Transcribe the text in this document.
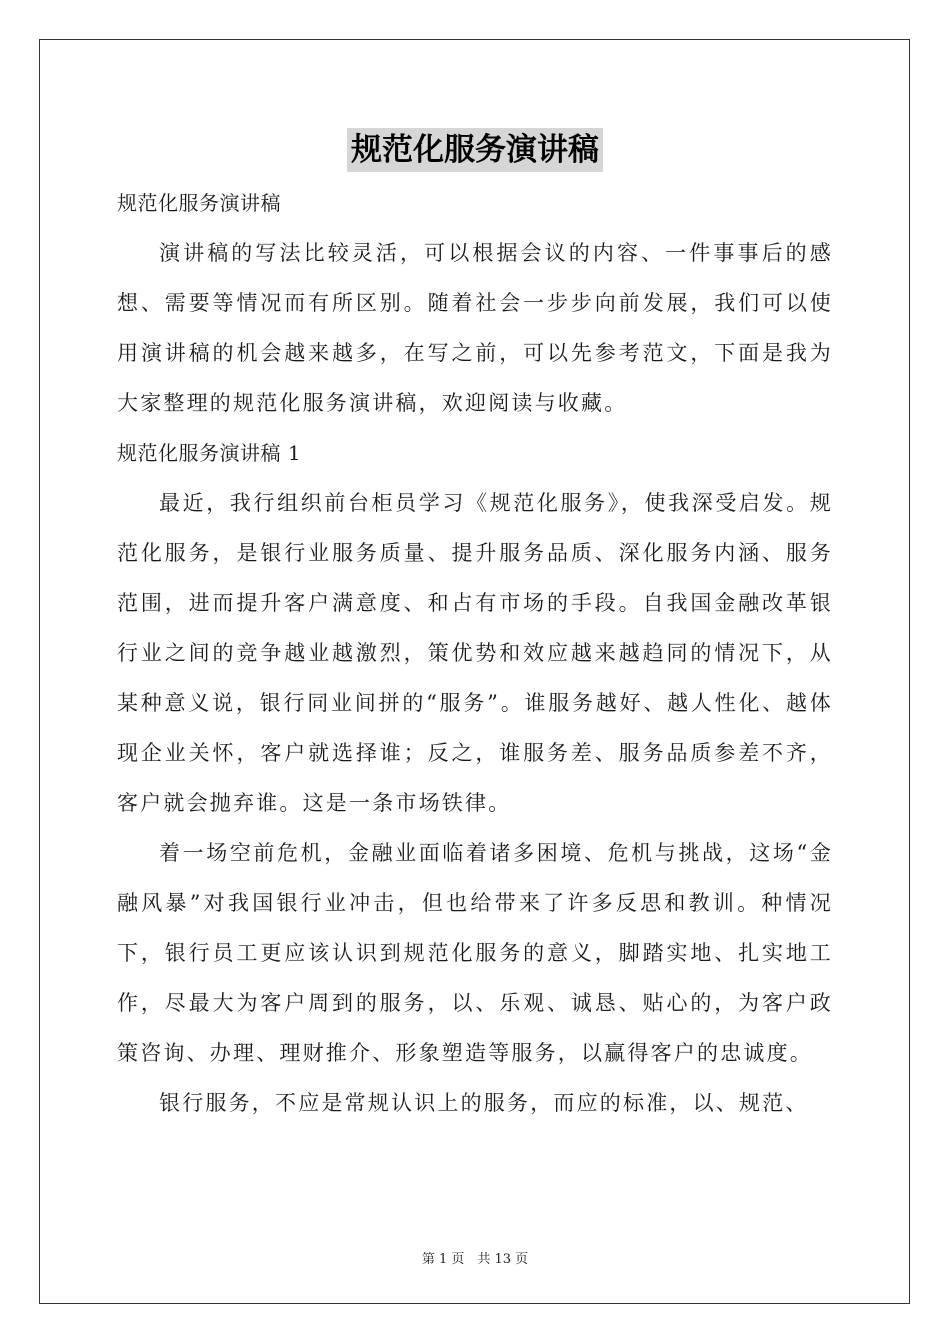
规范化服务演讲稿
规范化服务演讲稿

演讲稿的写法比较灵活，可以根据会议的内容、一件事事后的感想、需要等情况而有所区别。随着社会一步步向前发展，我们可以使用演讲稿的机会越来越多，在写之前，可以先参考范文，下面是我为大家整理的规范化服务演讲稿，欢迎阅读与收藏。

规范化服务演讲稿 1

最近，我行组织前台柜员学习《规范化服务》，使我深受启发。规范化服务，是银行业服务质量、提升服务品质、深化服务内涵、服务范围，进而提升客户满意度、和占有市场的手段。自我国金融改革银行业之间的竞争越业越激烈，策优势和效应越来越趋同的情况下，从某种意义说，银行同业间拼的“服务”。谁服务越好、越人性化、越体现企业关怀，客户就选择谁；反之，谁服务差、服务品质参差不齐，客户就会抛弃谁。这是一条市场铁律。

着一场空前危机，金融业面临着诸多困境、危机与挑战，这场“金融风暴”对我国银行业冲击，但也给带来了许多反思和教训。种情况下，银行员工更应该认识到规范化服务的意义，脚踏实地、扎实地工作，尽最大为客户周到的服务，以、乐观、诚恳、贴心的，为客户政策咨询、办理、理财推介、形象塑造等服务，以赢得客户的忠诚度。

银行服务，不应是常规认识上的服务，而应的标准，以、规范、

第 1 页　共 13 页
